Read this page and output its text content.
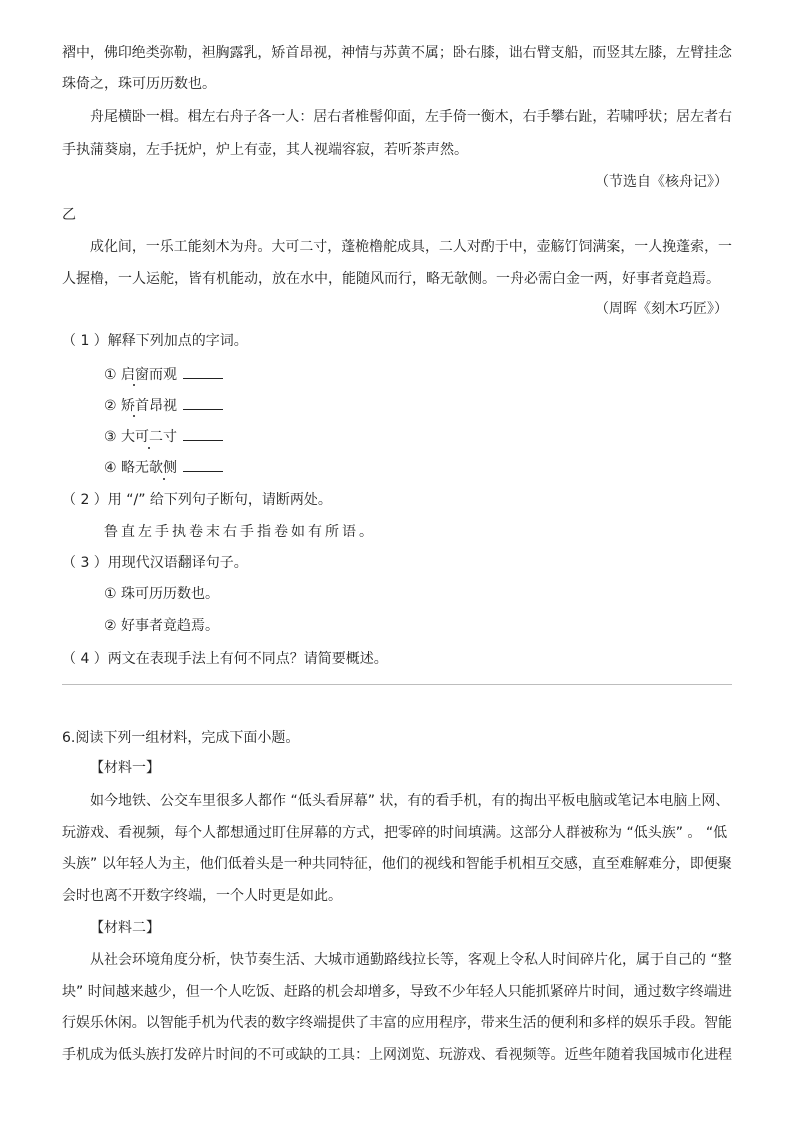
褶中，佛印绝类弥勒，袒胸露乳，矫首昂视，神情与苏黄不属；卧右膝，诎右臂支船，而竖其左膝，左臂挂念
珠倚之，珠可历历数也。
舟尾横卧一楫。楫左右舟子各一人：居右者椎髻仰面，左手倚一衡木，右手攀右趾，若啸呼状；居左者右
手执蒲葵扇，左手抚炉，炉上有壶，其人视端容寂，若听茶声然。
（节选自《核舟记》）
乙
成化间，一乐工能刻木为舟。大可二寸，蓬桅橹舵成具，二人对酌于中，壶觞饤饲满案，一人挽蓬索，一
人握橹，一人运舵，皆有机能动，放在水中，能随风而行，略无欹侧。一舟必需白金一两，好事者竟趋焉。
（周晖《刻木巧匠》）
（ 1 ）解释下列加点的字词。
① 启窗而观
② 矫首昂视
③ 大可二寸
④ 略无欹侧
（ 2 ）用 “/” 给下列句子断句，请断两处。
鲁直左手执卷末右手指卷如有所语。
（ 3 ）用现代汉语翻译句子。
① 珠可历历数也。
② 好事者竟趋焉。
（ 4 ）两文在表现手法上有何不同点？请简要概述。
6.阅读下列一组材料，完成下面小题。
【材料一】
如今地铁、公交车里很多人都作 “低头看屏幕” 状，有的看手机，有的掏出平板电脑或笔记本电脑上网、
玩游戏、看视频，每个人都想通过盯住屏幕的方式，把零碎的时间填满。这部分人群被称为 “低头族” 。 “低
头族” 以年轻人为主，他们低着头是一种共同特征，他们的视线和智能手机相互交感，直至难解难分，即便聚
会时也离不开数字终端，一个人时更是如此。
【材料二】
从社会环境角度分析，快节奏生活、大城市通勤路线拉长等，客观上令私人时间碎片化，属于自己的 “整
块” 时间越来越少，但一个人吃饭、赶路的机会却增多，导致不少年轻人只能抓紧碎片时间，通过数字终端进
行娱乐休闲。以智能手机为代表的数字终端提供了丰富的应用程序，带来生活的便利和多样的娱乐手段。智能
手机成为低头族打发碎片时间的不可或缺的工具：上网浏览、玩游戏、看视频等。近些年随着我国城市化进程
